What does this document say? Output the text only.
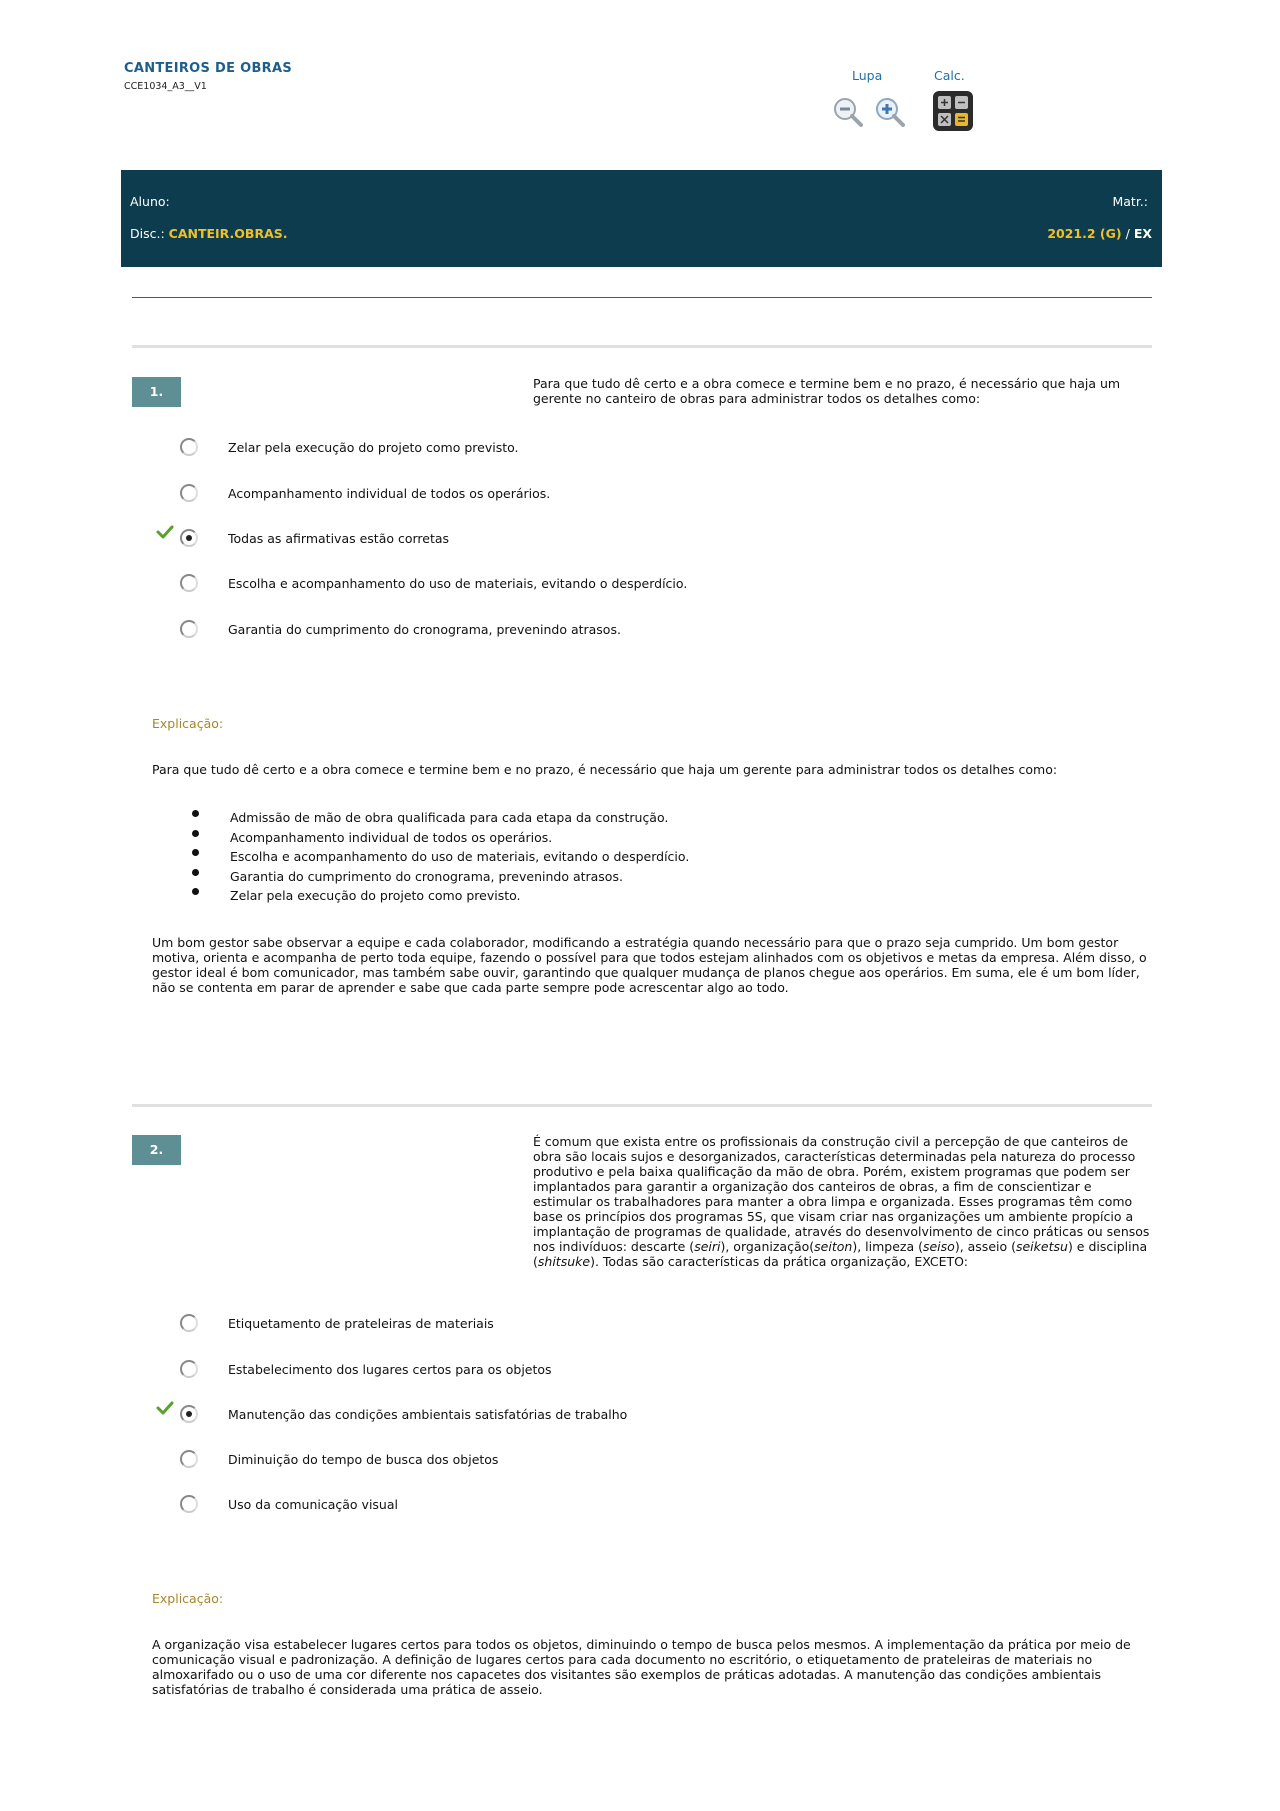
CANTEIROS DE OBRAS
CCE1034_A3__V1
Lupa	Calc.
Aluno:	Matr.:
Disc.: CANTEIR.OBRAS.	2021.2 (G) / EX
1.
Para que tudo dê certo e a obra comece e termine bem e no prazo, é necessário que haja um gerente no canteiro de obras para administrar todos os detalhes como:
Zelar pela execução do projeto como previsto.
Acompanhamento individual de todos os operários.
Todas as afirmativas estão corretas
Escolha e acompanhamento do uso de materiais, evitando o desperdício.
Garantia do cumprimento do cronograma, prevenindo atrasos.
Explicação:
Para que tudo dê certo e a obra comece e termine bem e no prazo, é necessário que haja um gerente para administrar todos os detalhes como:
Admissão de mão de obra qualificada para cada etapa da construção.
Acompanhamento individual de todos os operários.
Escolha e acompanhamento do uso de materiais, evitando o desperdício.
Garantia do cumprimento do cronograma, prevenindo atrasos.
Zelar pela execução do projeto como previsto.
Um bom gestor sabe observar a equipe e cada colaborador, modificando a estratégia quando necessário para que o prazo seja cumprido. Um bom gestor motiva, orienta e acompanha de perto toda equipe, fazendo o possível para que todos estejam alinhados com os objetivos e metas da empresa. Além disso, o gestor ideal é bom comunicador, mas também sabe ouvir, garantindo que qualquer mudança de planos chegue aos operários. Em suma, ele é um bom líder, não se contenta em parar de aprender e sabe que cada parte sempre pode acrescentar algo ao todo.
2.
É comum que exista entre os profissionais da construção civil a percepção de que canteiros de obra são locais sujos e desorganizados, características determinadas pela natureza do processo produtivo e pela baixa qualificação da mão de obra. Porém, existem programas que podem ser implantados para garantir a organização dos canteiros de obras, a fim de conscientizar e estimular os trabalhadores para manter a obra limpa e organizada. Esses programas têm como base os princípios dos programas 5S, que visam criar nas organizações um ambiente propício a implantação de programas de qualidade, através do desenvolvimento de cinco práticas ou sensos nos indivíduos: descarte (seiri), organização(seiton), limpeza (seiso), asseio (seiketsu) e disciplina (shitsuke). Todas são características da prática organização, EXCETO:
Etiquetamento de prateleiras de materiais
Estabelecimento dos lugares certos para os objetos
Manutenção das condições ambientais satisfatórias de trabalho
Diminuição do tempo de busca dos objetos
Uso da comunicação visual
Explicação:
A organização visa estabelecer lugares certos para todos os objetos, diminuindo o tempo de busca pelos mesmos. A implementação da prática por meio de comunicação visual e padronização. A definição de lugares certos para cada documento no escritório, o etiquetamento de prateleiras de materiais no almoxarifado ou o uso de uma cor diferente nos capacetes dos visitantes são exemplos de práticas adotadas. A manutenção das condições ambientais satisfatórias de trabalho é considerada uma prática de asseio.
